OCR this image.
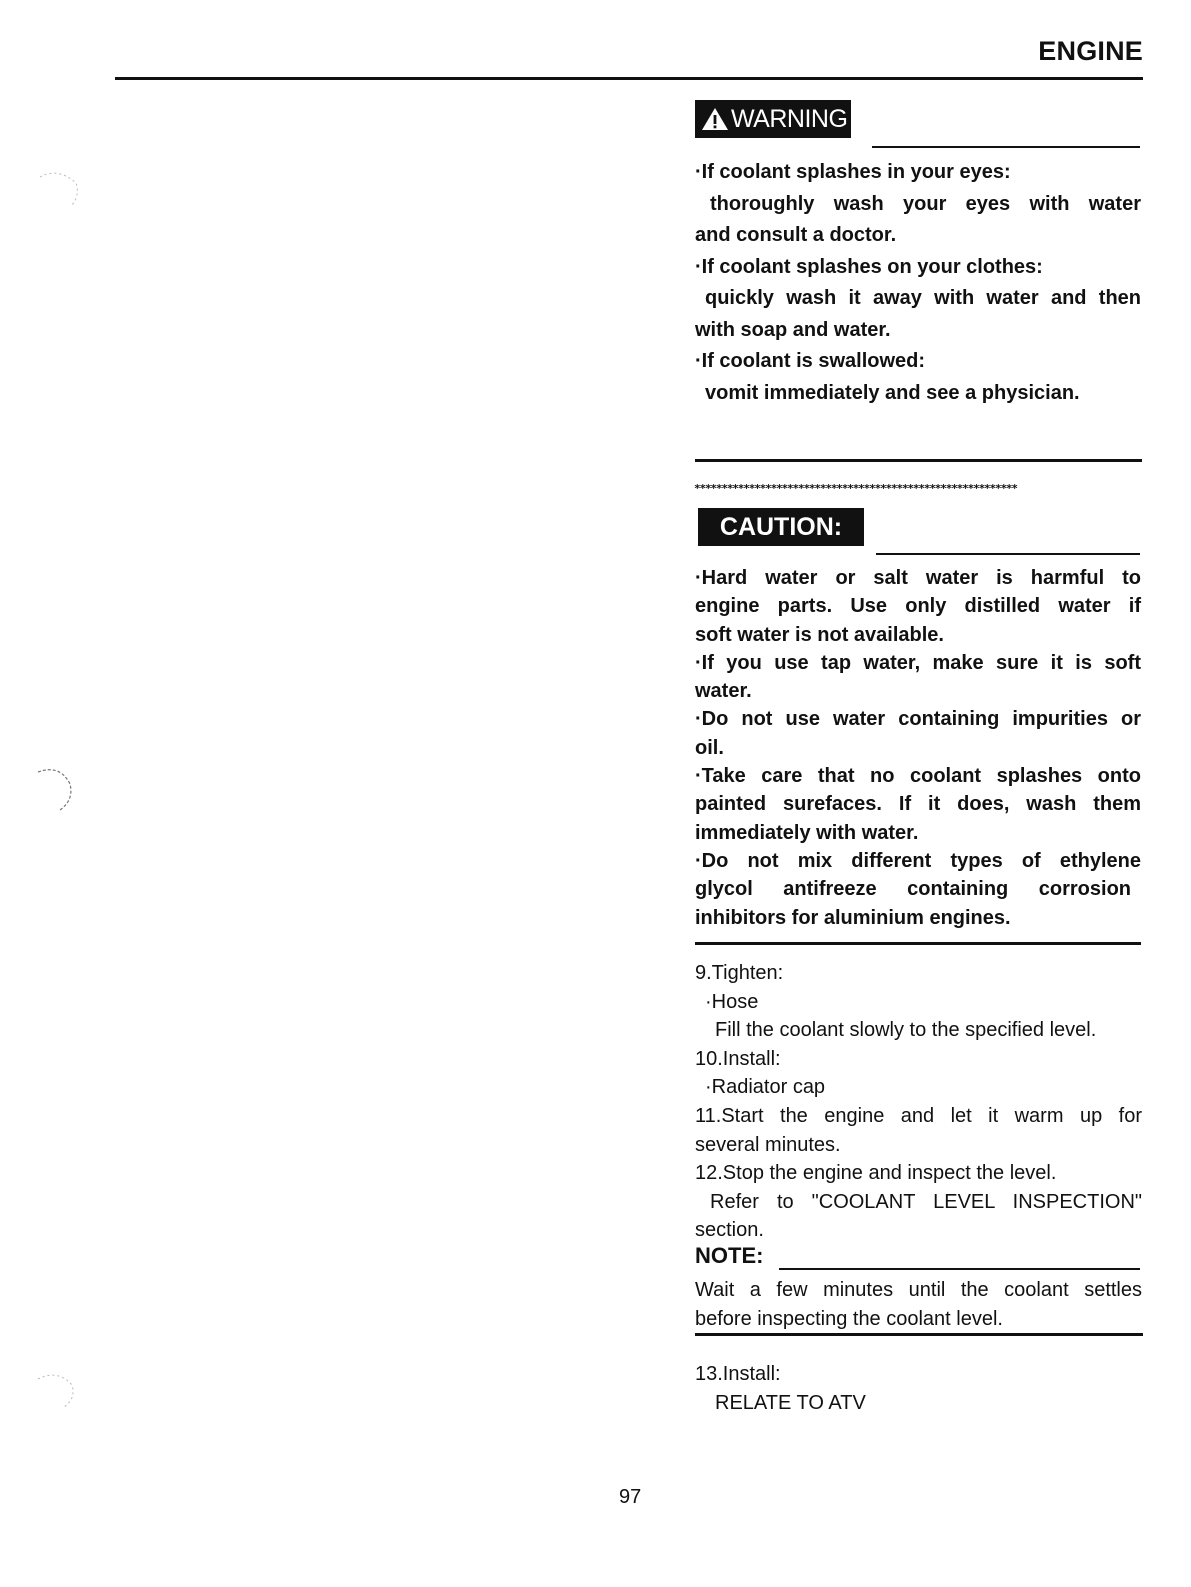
ENGINE
WARNING

·If coolant splashes in your eyes:

thoroughly wash your eyes with water

and consult a doctor.

·If coolant splashes on your clothes:

quickly wash it away with water and then

with soap and water.

·If coolant is swallowed:

vomit immediately and see a physician.

***********************************************************
CAUTION:

·Hard water or salt water is harmful to

engine parts. Use only distilled water if

soft water is not available.

·If you use tap water, make sure it is soft

water.

·Do not use water containing impurities or

oil.

·Take care that no coolant splashes onto

painted surefaces. If it does, wash them

immediately with water.

·Do not mix different types of ethylene

glycol antifreeze containing corrosion

inhibitors for aluminium engines.

9.Tighten:

·Hose

Fill the coolant slowly to the specified level.

10.Install:

·Radiator cap

11.Start the engine and let it warm up for

several minutes.

12.Stop the engine and inspect the level.

Refer to "COOLANT LEVEL INSPECTION"

section.

NOTE:

Wait a few minutes until the coolant settles

before inspecting the coolant level.

13.Install:

RELATE TO ATV

97
